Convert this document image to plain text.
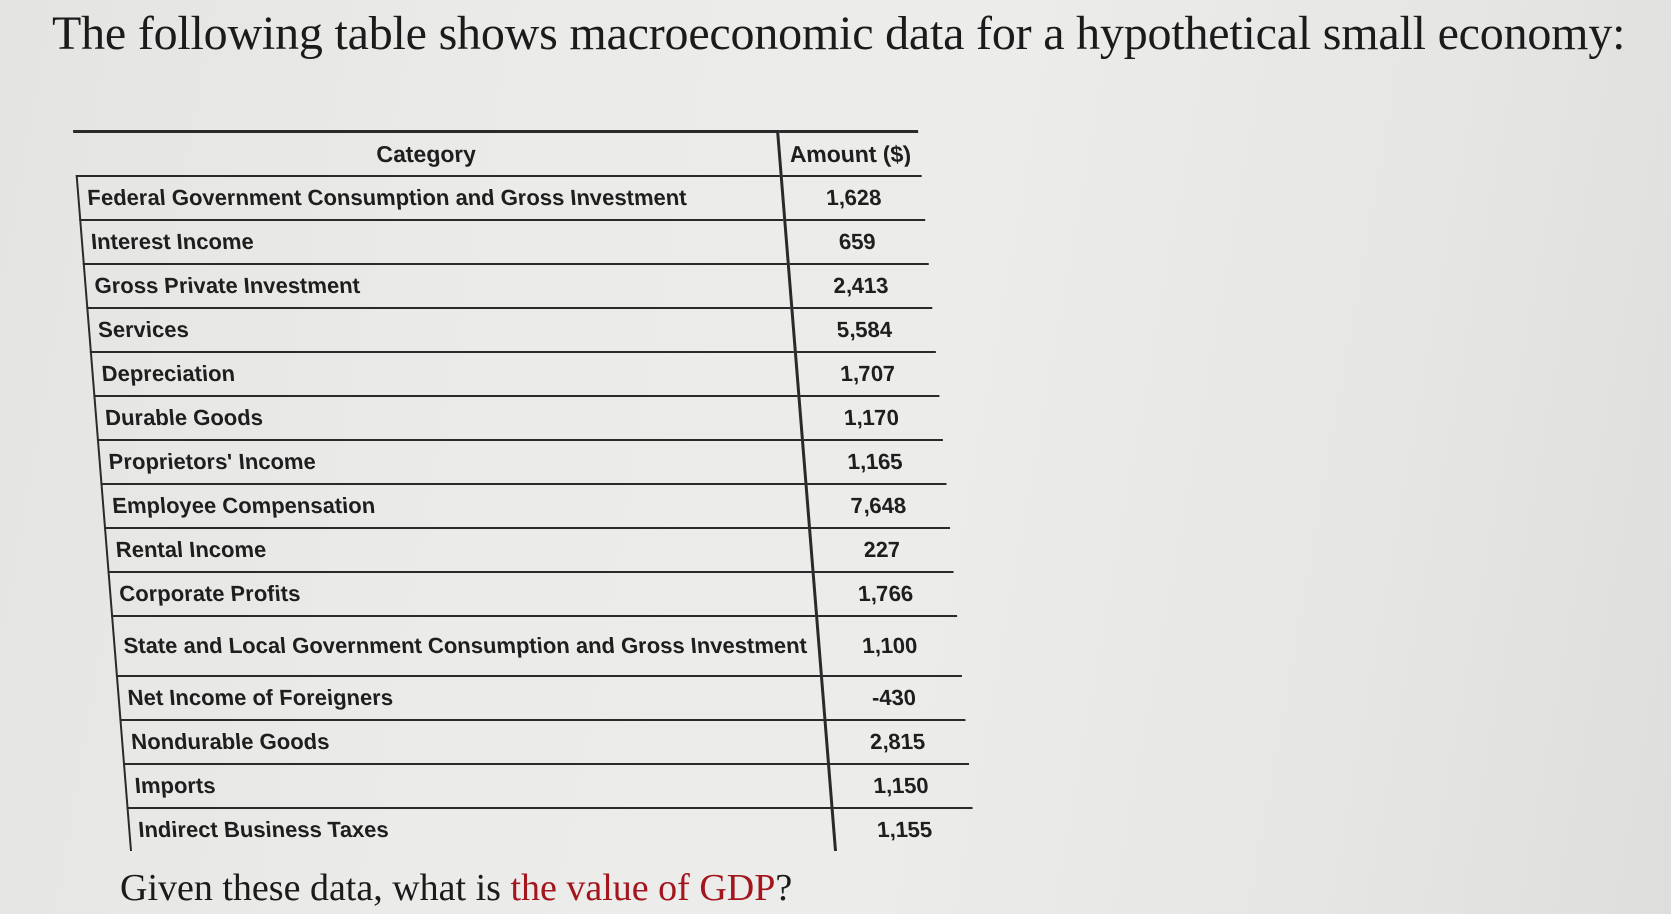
The following table shows macroeconomic data for a hypothetical small economy:
Category	Amount ($)
Federal Government Consumption and Gross Investment	1,628
Interest Income	659
Gross Private Investment	2,413
Services	5,584
Depreciation	1,707
Durable Goods	1,170
Proprietors' Income	1,165
Employee Compensation	7,648
Rental Income	227
Corporate Profits	1,766
State and Local Government Consumption and Gross Investment	1,100
Net Income of Foreigners	-430
Nondurable Goods	2,815
Imports	1,150
Indirect Business Taxes	1,155

Given these data, what is the value of GDP?
